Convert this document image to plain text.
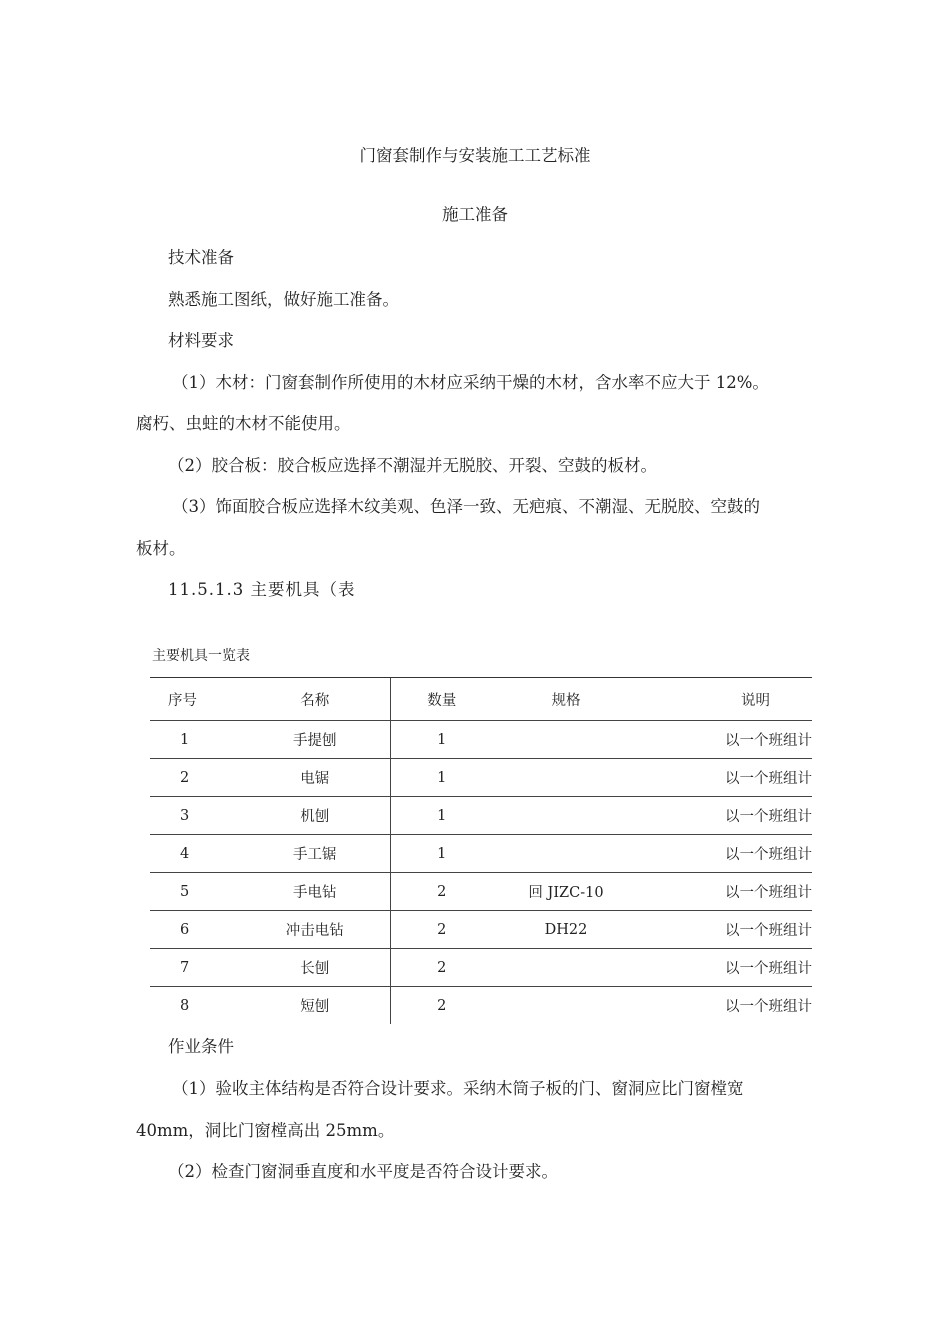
门窗套制作与安装施工工艺标准
施工准备
技术准备
熟悉施工图纸，做好施工准备。
材料要求
（1）木材：门窗套制作所使用的木材应采纳干燥的木材，含水率不应大于 12%。
腐朽、虫蛀的木材不能使用。
（2）胶合板：胶合板应选择不潮湿并无脱胶、开裂、空鼓的板材。
（3）饰面胶合板应选择木纹美观、色泽一致、无疤痕、不潮湿、无脱胶、空鼓的
板材。
11.5.1.3 主要机具（表
主要机具一览表
序号	名称	数量	规格	说明
1	手提刨	1		以一个班组计
2	电锯	1		以一个班组计
3	机刨	1		以一个班组计
4	手工锯	1		以一个班组计
5	手电钻	2	回 JIZC-10	以一个班组计
6	冲击电钻	2	DH22	以一个班组计
7	长刨	2		以一个班组计
8	短刨	2		以一个班组计
作业条件
（1）验收主体结构是否符合设计要求。采纳木筒子板的门、窗洞应比门窗樘宽
40mm，洞比门窗樘高出 25mm。
（2）检查门窗洞垂直度和水平度是否符合设计要求。
